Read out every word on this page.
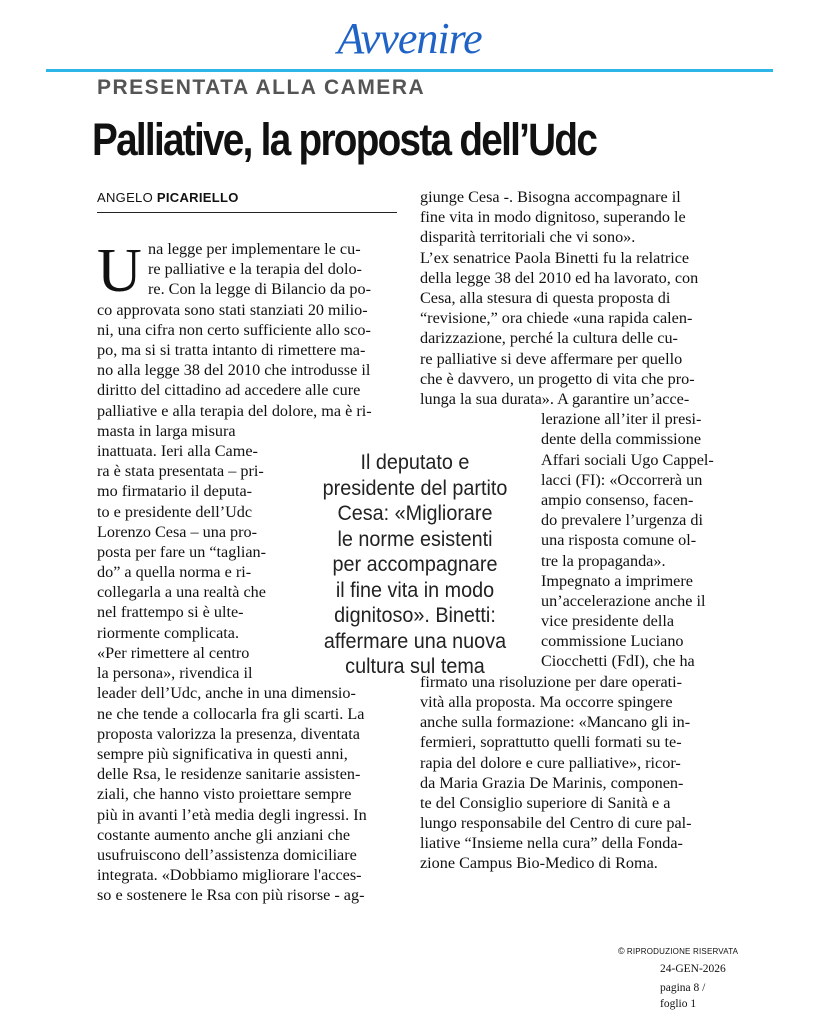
Avvenire
PRESENTATA ALLA CAMERA
Palliative, la proposta dell’Udc
ANGELO PICARIELLO
U na legge per implementare le cu-
re palliative e la terapia del dolo-
re. Con la legge di Bilancio da po-
co approvata sono stati stanziati 20 milio-
ni, una cifra non certo sufficiente allo sco-
po, ma si si tratta intanto di rimettere ma-
no alla legge 38 del 2010 che introdusse il
diritto del cittadino ad accedere alle cure
palliative e alla terapia del dolore, ma è ri-
masta in larga misura
inattuata. Ieri alla Came-
ra è stata presentata – pri-
mo firmatario il deputa-
to e presidente dell’Udc
Lorenzo Cesa – una pro-
posta per fare un “taglian-
do” a quella norma e ri-
collegarla a una realtà che
nel frattempo si è ulte-
riormente complicata.
«Per rimettere al centro
la persona», rivendica il
leader dell’Udc, anche in una dimensio-
ne che tende a collocarla fra gli scarti. La
proposta valorizza la presenza, diventata
sempre più significativa in questi anni,
delle Rsa, le residenze sanitarie assisten-
ziali, che hanno visto proiettare sempre
più in avanti l’età media degli ingressi. In
costante aumento anche gli anziani che
usufruiscono dell’assistenza domiciliare
integrata. «Dobbiamo migliorare l'acces-
so e sostenere le Rsa con più risorse - ag-
giunge Cesa -. Bisogna accompagnare il
fine vita in modo dignitoso, superando le
disparità territoriali che vi sono».
L’ex senatrice Paola Binetti fu la relatrice
della legge 38 del 2010 ed ha lavorato, con
Cesa, alla stesura di questa proposta di
“revisione,” ora chiede «una rapida calen-
darizzazione, perché la cultura delle cu-
re palliative si deve affermare per quello
che è davvero, un progetto di vita che pro-
lunga la sua durata». A garantire un’acce-
lerazione all’iter il presi-
dente della commissione
Affari sociali Ugo Cappel-
lacci (FI): «Occorrerà un
ampio consenso, facen-
do prevalere l’urgenza di
una risposta comune ol-
tre la propaganda».
Impegnato a imprimere
un’accelerazione anche il
vice presidente della
commissione Luciano
Ciocchetti (FdI), che ha
firmato una risoluzione per dare operati-
vità alla proposta. Ma occorre spingere
anche sulla formazione: «Mancano gli in-
fermieri, soprattutto quelli formati su te-
rapia del dolore e cure palliative», ricor-
da Maria Grazia De Marinis, componen-
te del Consiglio superiore di Sanità e a
lungo responsabile del Centro di cure pal-
liative “Insieme nella cura” della Fonda-
zione Campus Bio-Medico di Roma.
Il deputato e
presidente del partito
Cesa: «Migliorare
le norme esistenti
per accompagnare
il fine vita in modo
dignitoso». Binetti:
affermare una nuova
cultura sul tema
© RIPRODUZIONE RISERVATA
24-GEN-2026
pagina 8 /
foglio 1
